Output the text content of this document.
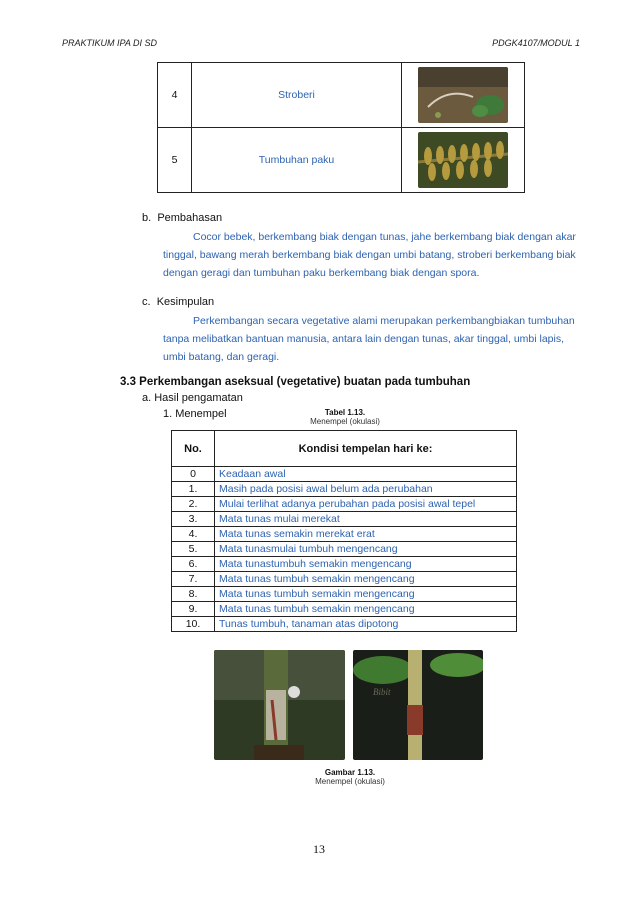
PRAKTIKUM IPA DI SD	PDGK4107/MODUL 1
4	Stroberi	

5	Tumbuhan paku	
b. Pembahasan
Cocor bebek, berkembang biak dengan tunas, jahe berkembang biak dengan akar tinggal, bawang merah berkembang biak dengan umbi batang, stroberi berkembang biak dengan geragi dan tumbuhan paku berkembang biak dengan spora.
c. Kesimpulan
Perkembangan secara vegetative alami merupakan perkembangbiakan tumbuhan tanpa melibatkan bantuan manusia, antara lain dengan tunas, akar tinggal, umbi lapis, umbi batang, dan geragi.
3.3 Perkembangan aseksual (vegetative) buatan pada tumbuhan
a. Hasil pengamatan
1. Menempel	Tabel 1.13.
Menempel (okulasi)
No.	Kondisi tempelan hari ke:
0	Keadaan awal
1.	Masih pada posisi awal belum ada perubahan
2.	Mulai terlihat adanya perubahan pada posisi awal tepel
3.	Mata tunas mulai merekat
4.	Mata tunas semakin merekat erat
5.	Mata tunasmulai tumbuh mengencang
6.	Mata tunastumbuh semakin mengencang
7.	Mata tunas tumbuh semakin mengencang
8.	Mata tunas tumbuh semakin mengencang
9.	Mata tunas tumbuh semakin mengencang
10.	Tunas tumbuh, tanaman atas dipotong
Bibit
Gambar 1.13.
Menempel (okulasi)
13
